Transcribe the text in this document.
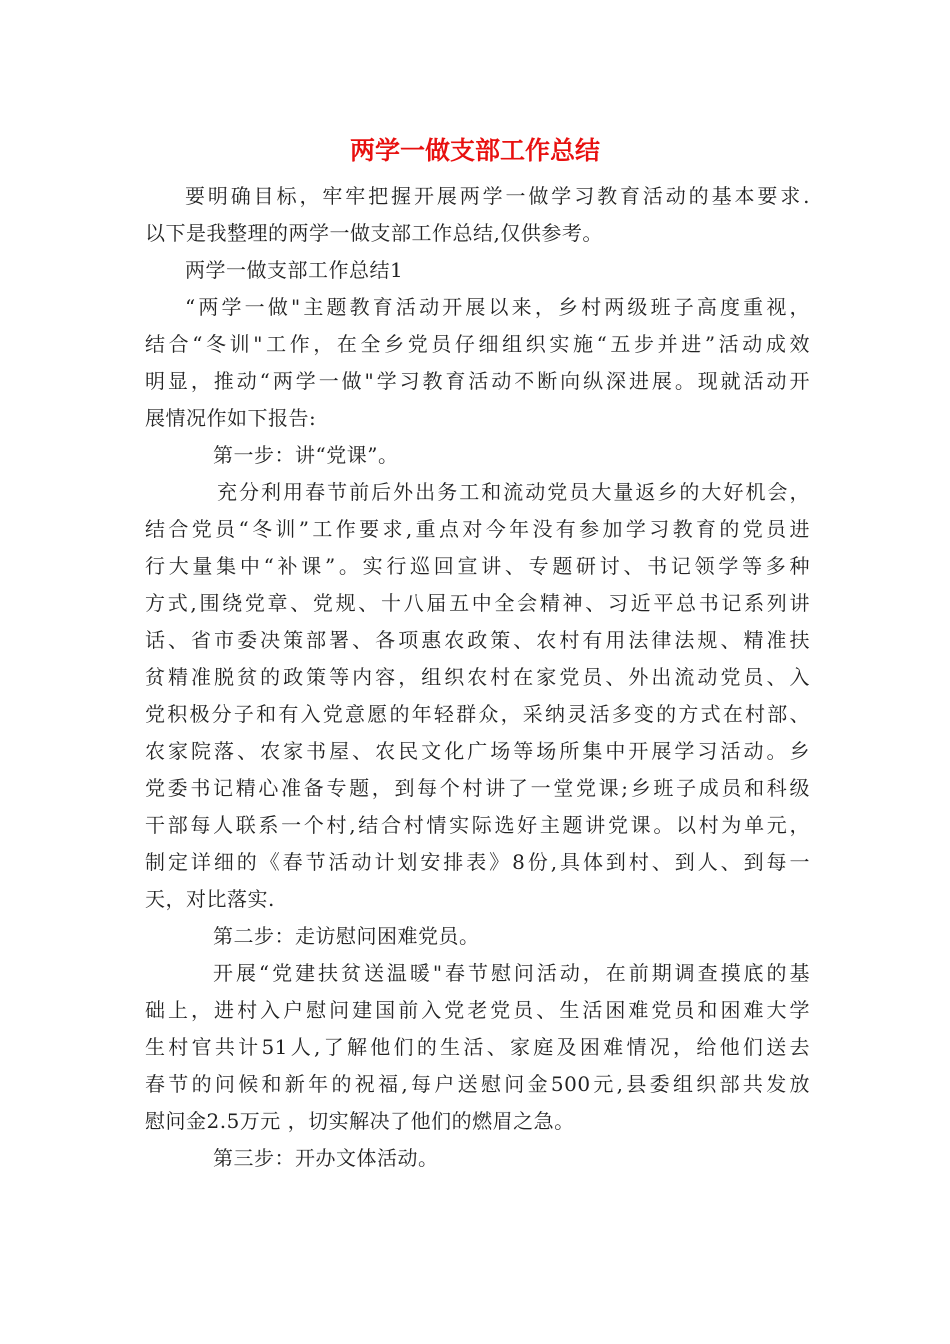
两学一做支部工作总结
要明确目标，牢牢把握开展两学一做学习教育活动的基本要求.
以下是我整理的两学一做支部工作总结,仅供参考。
两学一做支部工作总结1
“两学一做"主题教育活动开展以来，乡村两级班子高度重视，
结合“冬训"工作，在全乡党员仔细组织实施“五步并进”活动成效
明显，推动“两学一做"学习教育活动不断向纵深进展。现就活动开
展情况作如下报告:
第一步：讲“党课”。
充分利用春节前后外出务工和流动党员大量返乡的大好机会，
结合党员“冬训”工作要求,重点对今年没有参加学习教育的党员进
行大量集中“补课”。实行巡回宣讲、专题研讨、书记领学等多种
方式,围绕党章、党规、十八届五中全会精神、习近平总书记系列讲
话、省市委决策部署、各项惠农政策、农村有用法律法规、精准扶
贫精准脱贫的政策等内容，组织农村在家党员、外出流动党员、入
党积极分子和有入党意愿的年轻群众，采纳灵活多变的方式在村部、
农家院落、农家书屋、农民文化广场等场所集中开展学习活动。乡
党委书记精心准备专题，到每个村讲了一堂党课;乡班子成员和科级
干部每人联系一个村,结合村情实际选好主题讲党课。以村为单元，
制定详细的《春节活动计划安排表》8份,具体到村、到人、到每一
天，对比落实.
第二步：走访慰问困难党员。
开展“党建扶贫送温暖"春节慰问活动，在前期调查摸底的基
础上，进村入户慰问建国前入党老党员、生活困难党员和困难大学
生村官共计51人,了解他们的生活、家庭及困难情况，给他们送去
春节的问候和新年的祝福,每户送慰问金500元,县委组织部共发放
慰问金2.5万元 ，切实解决了他们的燃眉之急。
第三步：开办文体活动。
